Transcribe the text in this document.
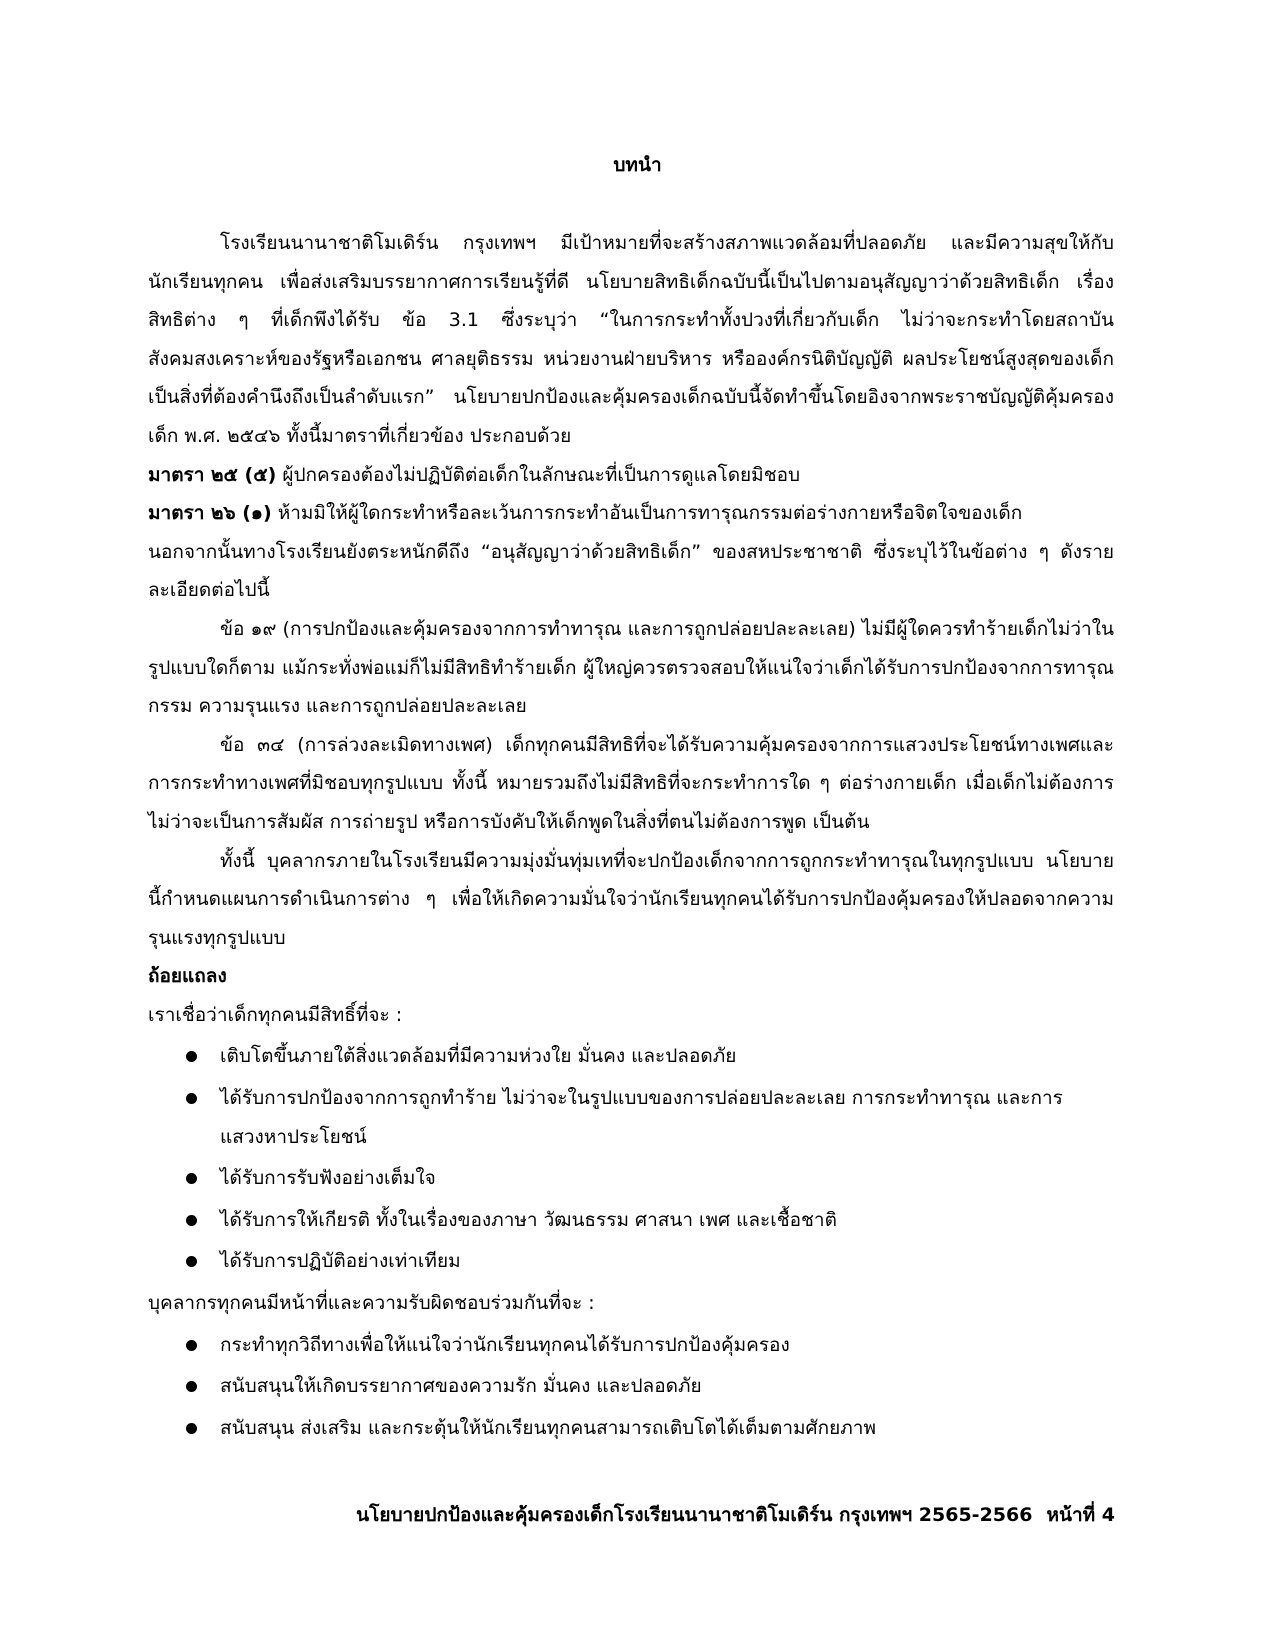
บทนำ

โรงเรียนนานาชาติโมเดิร์น กรุงเทพฯ มีเป้าหมายที่จะสร้างสภาพแวดล้อมที่ปลอดภัย และมีความสุขให้กับนักเรียนทุกคน เพื่อส่งเสริมบรรยากาศการเรียนรู้ที่ดี นโยบายสิทธิเด็กฉบับนี้เป็นไปตามอนุสัญญาว่าด้วยสิทธิเด็ก เรื่อง สิทธิต่าง ๆ ที่เด็กพึงได้รับ ข้อ 3.1 ซึ่งระบุว่า “ในการกระทำทั้งปวงที่เกี่ยวกับเด็ก ไม่ว่าจะกระทำโดยสถาบันสังคมสงเคราะห์ของรัฐหรือเอกชน ศาลยุติธรรม หน่วยงานฝ่ายบริหาร หรือองค์กรนิติบัญญัติ ผลประโยชน์สูงสุดของเด็กเป็นสิ่งที่ต้องคำนึงถึงเป็นลำดับแรก” นโยบายปกป้องและคุ้มครองเด็กฉบับนี้จัดทำขึ้นโดยอิงจากพระราชบัญญัติคุ้มครองเด็ก พ.ศ. ๒๕๔๖ ทั้งนี้มาตราที่เกี่ยวข้อง ประกอบด้วย

มาตรา ๒๕ (๕) ผู้ปกครองต้องไม่ปฏิบัติต่อเด็กในลักษณะที่เป็นการดูแลโดยมิชอบ

มาตรา ๒๖ (๑) ห้ามมิให้ผู้ใดกระทำหรือละเว้นการกระทำอันเป็นการทารุณกรรมต่อร่างกายหรือจิตใจของเด็ก

นอกจากนั้นทางโรงเรียนยังตระหนักดีถึง “อนุสัญญาว่าด้วยสิทธิเด็ก” ของสหประชาชาติ ซึ่งระบุไว้ในข้อต่าง ๆ ดังรายละเอียดต่อไปนี้

ข้อ ๑๙ (การปกป้องและคุ้มครองจากการทำทารุณ และการถูกปล่อยปละละเลย) ไม่มีผู้ใดควรทำร้ายเด็กไม่ว่าในรูปแบบใดก็ตาม แม้กระทั่งพ่อแม่ก็ไม่มีสิทธิทำร้ายเด็ก ผู้ใหญ่ควรตรวจสอบให้แน่ใจว่าเด็กได้รับการปกป้องจากการทารุณกรรม ความรุนแรง และการถูกปล่อยปละละเลย

ข้อ ๓๔ (การล่วงละเมิดทางเพศ) เด็กทุกคนมีสิทธิที่จะได้รับความคุ้มครองจากการแสวงประโยชน์ทางเพศและการกระทำทางเพศที่มิชอบทุกรูปแบบ ทั้งนี้ หมายรวมถึงไม่มีสิทธิที่จะกระทำการใด ๆ ต่อร่างกายเด็ก เมื่อเด็กไม่ต้องการ ไม่ว่าจะเป็นการสัมผัส การถ่ายรูป หรือการบังคับให้เด็กพูดในสิ่งที่ตนไม่ต้องการพูด เป็นต้น

ทั้งนี้ บุคลากรภายในโรงเรียนมีความมุ่งมั่นทุ่มเทที่จะปกป้องเด็กจากการถูกกระทำทารุณในทุกรูปแบบ นโยบายนี้กำหนดแผนการดำเนินการต่าง ๆ เพื่อให้เกิดความมั่นใจว่านักเรียนทุกคนได้รับการปกป้องคุ้มครองให้ปลอดจากความรุนแรงทุกรูปแบบ

ถ้อยแถลง

เราเชื่อว่าเด็กทุกคนมีสิทธิ์ที่จะ :

เติบโตขึ้นภายใต้สิ่งแวดล้อมที่มีความห่วงใย มั่นคง และปลอดภัย
ได้รับการปกป้องจากการถูกทำร้าย ไม่ว่าจะในรูปแบบของการปล่อยปละละเลย การกระทำทารุณ และการแสวงหาประโยชน์
ได้รับการรับฟังอย่างเต็มใจ
ได้รับการให้เกียรติ ทั้งในเรื่องของภาษา วัฒนธรรม ศาสนา เพศ และเชื้อชาติ
ได้รับการปฏิบัติอย่างเท่าเทียม

บุคลากรทุกคนมีหน้าที่และความรับผิดชอบร่วมกันที่จะ :

กระทำทุกวิถีทางเพื่อให้แน่ใจว่านักเรียนทุกคนได้รับการปกป้องคุ้มครอง
สนับสนุนให้เกิดบรรยากาศของความรัก มั่นคง และปลอดภัย
สนับสนุน ส่งเสริม และกระตุ้นให้นักเรียนทุกคนสามารถเติบโตได้เต็มตามศักยภาพ
นโยบายปกป้องและคุ้มครองเด็กโรงเรียนนานาชาติโมเดิร์น กรุงเทพฯ 2565-2566 หน้าที่ 4
